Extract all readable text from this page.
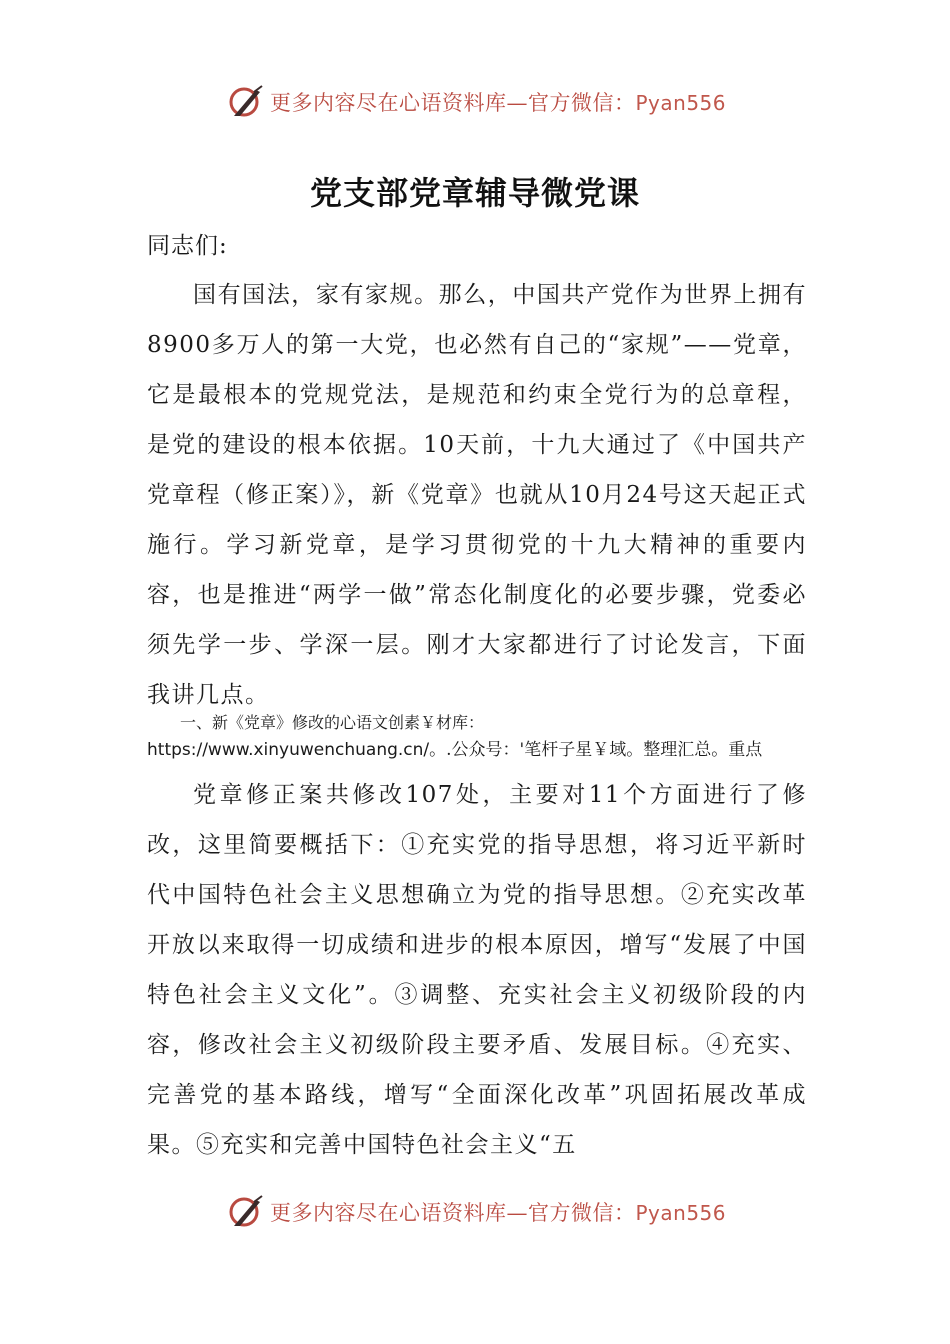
更多内容尽在心语资料库—官方微信：Pyan556
党支部党章辅导微党课
同志们:

国有国法，家有家规。那么，中国共产党作为世界上拥有8900多万人的第一大党，也必然有自己的“家规”——党章，它是最根本的党规党法，是规范和约束全党行为的总章程，是党的建设的根本依据。10天前，十九大通过了《中国共产党章程（修正案）》，新《党章》也就从10月24号这天起正式施行。学习新党章，是学习贯彻党的十九大精神的重要内容，也是推进“两学一做”常态化制度化的必要步骤，党委必须先学一步、学深一层。刚才大家都进行了讨论发言，下面我讲几点。

一、新《党章》修改的心语文创素￥材库：
https://www.xinyuwenchuang.cn/。.公众号：'笔杆子星￥域。整理汇总。重点

党章修正案共修改107处，主要对11个方面进行了修改，这里简要概括下：①充实党的指导思想，将习近平新时代中国特色社会主义思想确立为党的指导思想。②充实改革开放以来取得一切成绩和进步的根本原因，增写“发展了中国特色社会主义文化”。③调整、充实社会主义初级阶段的内容，修改社会主义初级阶段主要矛盾、发展目标。④充实、完善党的基本路线，增写“全面深化改革”巩固拓展改革成果。⑤充实和完善中国特色社会主义“五

更多内容尽在心语资料库—官方微信：Pyan556
